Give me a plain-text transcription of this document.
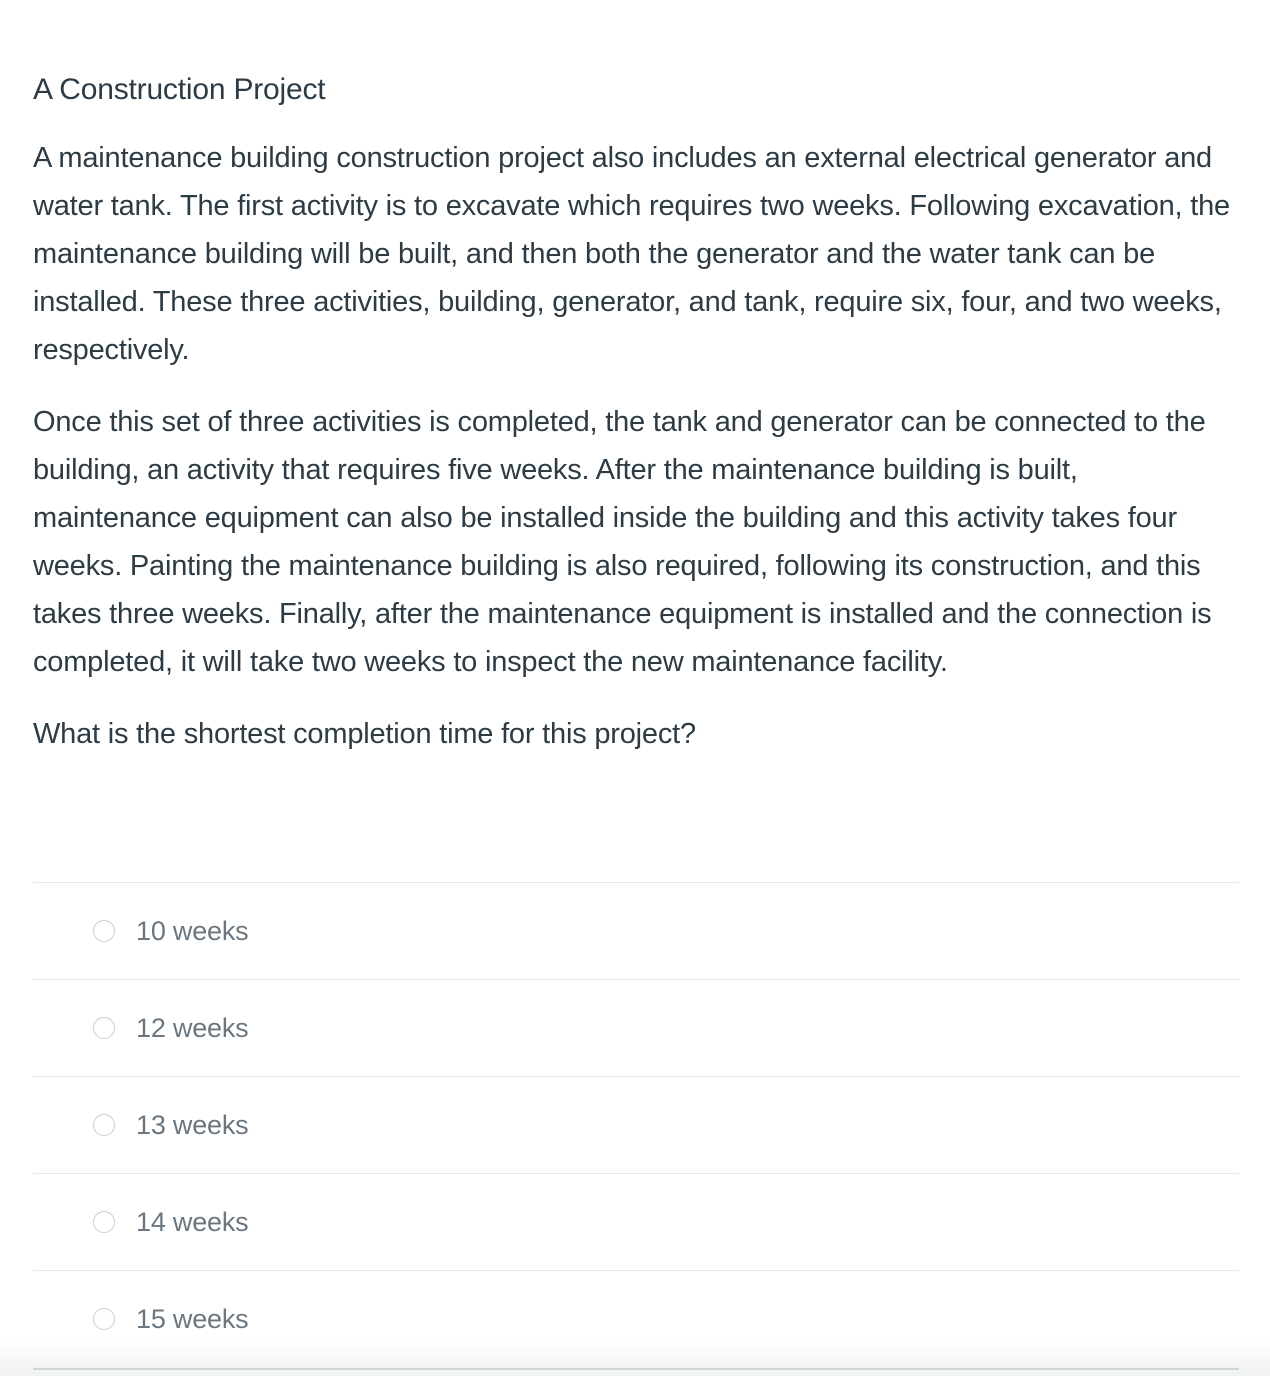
A Construction Project

A maintenance building construction project also includes an external electrical generator and water tank. The first activity is to excavate which requires two weeks. Following excavation, the maintenance building will be built, and then both the generator and the water tank can be installed. These three activities, building, generator, and tank, require six, four, and two weeks, respectively.

Once this set of three activities is completed, the tank and generator can be connected to the building, an activity that requires five weeks. After the maintenance building is built, maintenance equipment can also be installed inside the building and this activity takes four weeks. Painting the maintenance building is also required, following its construction, and this takes three weeks. Finally, after the maintenance equipment is installed and the connection is completed, it will take two weeks to inspect the new maintenance facility.

What is the shortest completion time for this project?

10 weeks
12 weeks
13 weeks
14 weeks
15 weeks
